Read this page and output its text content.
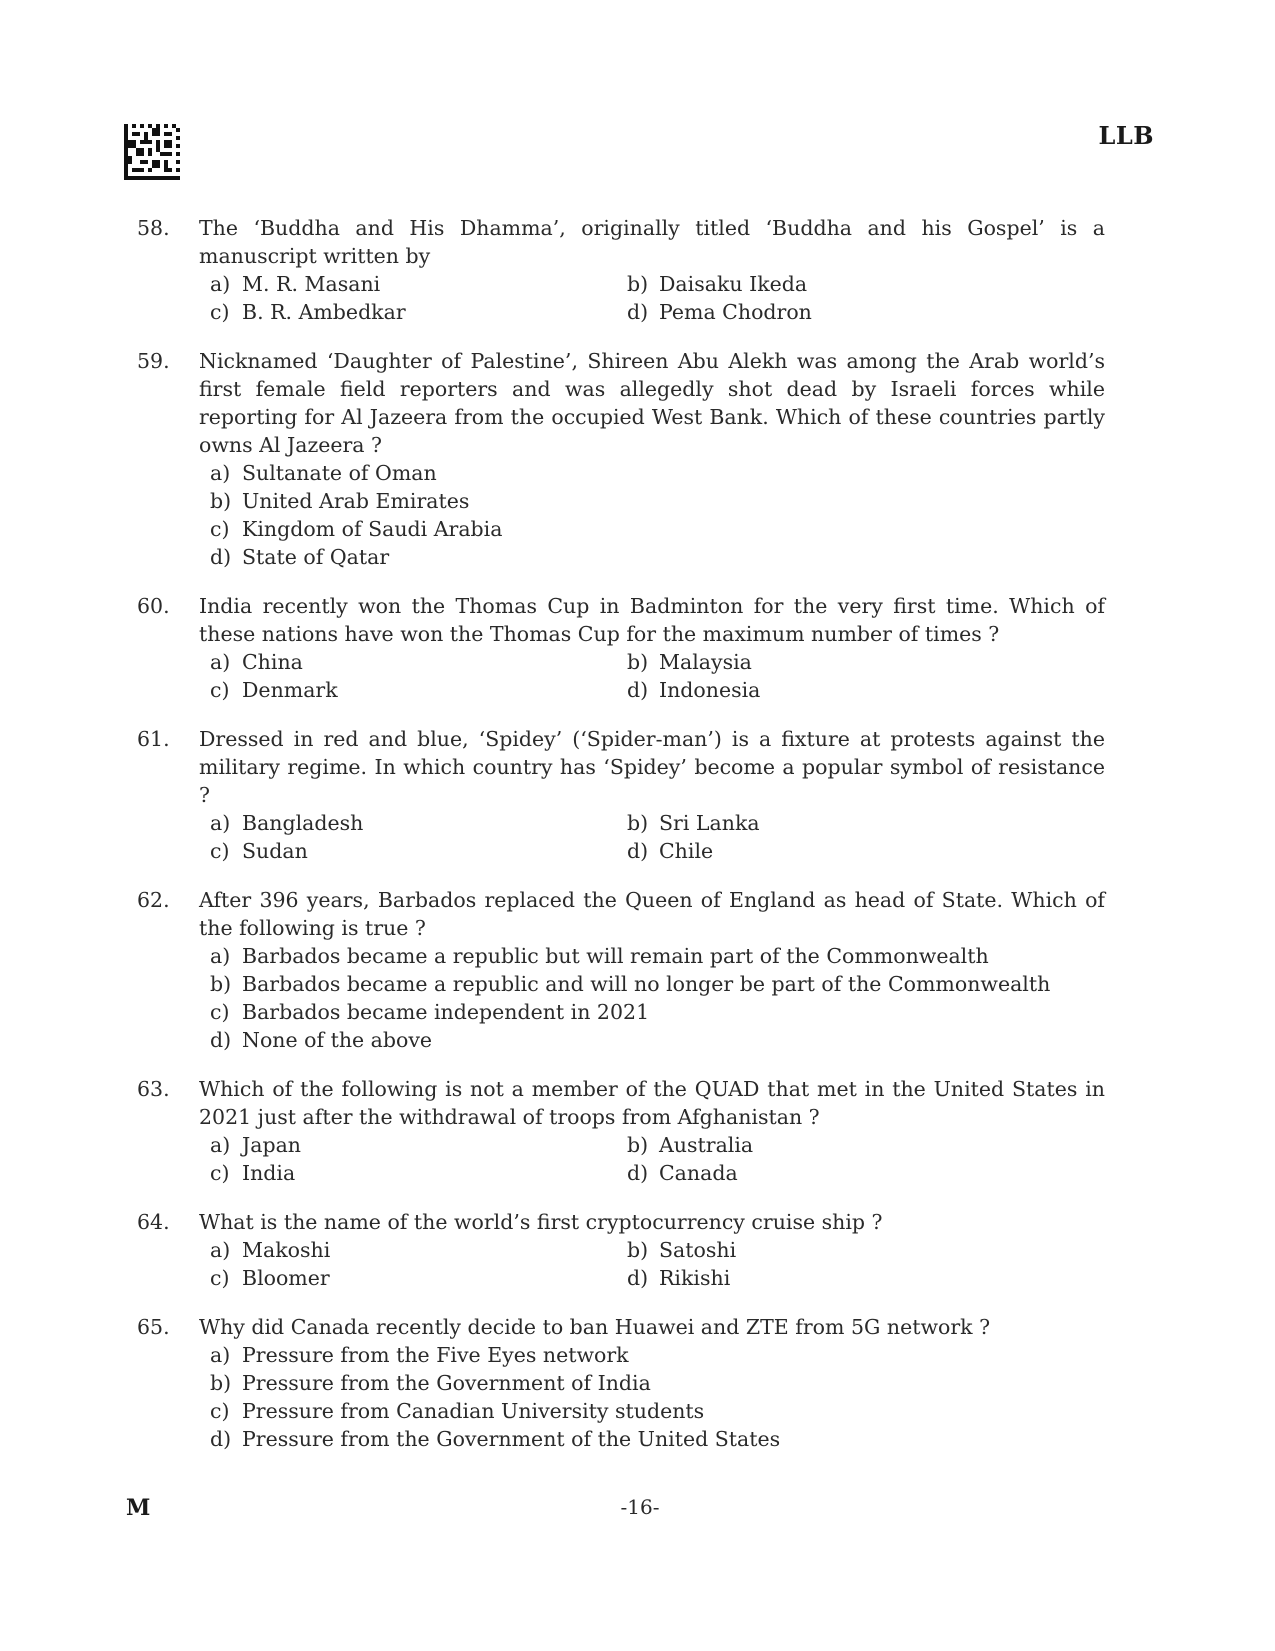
LLB
58.	The ‘Buddha and His Dhamma’, originally titled ‘Buddha and his Gospel’ is a manuscript written by
a) M. R. Masani	b) Daisaku Ikeda
c) B. R. Ambedkar	d) Pema Chodron
59.	Nicknamed ‘Daughter of Palestine’, Shireen Abu Alekh was among the Arab world’s first female field reporters and was allegedly shot dead by Israeli forces while reporting for Al Jazeera from the occupied West Bank. Which of these countries partly owns Al Jazeera ?
a) Sultanate of Oman
b) United Arab Emirates
c) Kingdom of Saudi Arabia
d) State of Qatar
60.	India recently won the Thomas Cup in Badminton for the very first time. Which of these nations have won the Thomas Cup for the maximum number of times ?
a) China	b) Malaysia
c) Denmark	d) Indonesia
61.	Dressed in red and blue, ‘Spidey’ (‘Spider-man’) is a fixture at protests against the military regime. In which country has ‘Spidey’ become a popular symbol of resistance ?
a) Bangladesh	b) Sri Lanka
c) Sudan	d) Chile
62.	After 396 years, Barbados replaced the Queen of England as head of State. Which of the following is true ?
a) Barbados became a republic but will remain part of the Commonwealth
b) Barbados became a republic and will no longer be part of the Commonwealth
c) Barbados became independent in 2021
d) None of the above
63.	Which of the following is not a member of the QUAD that met in the United States in 2021 just after the withdrawal of troops from Afghanistan ?
a) Japan	b) Australia
c) India	d) Canada
64.	What is the name of the world’s first cryptocurrency cruise ship ?
a) Makoshi	b) Satoshi
c) Bloomer	d) Rikishi
65.	Why did Canada recently decide to ban Huawei and ZTE from 5G network ?
a) Pressure from the Five Eyes network
b) Pressure from the Government of India
c) Pressure from Canadian University students
d) Pressure from the Government of the United States
M	-16-
